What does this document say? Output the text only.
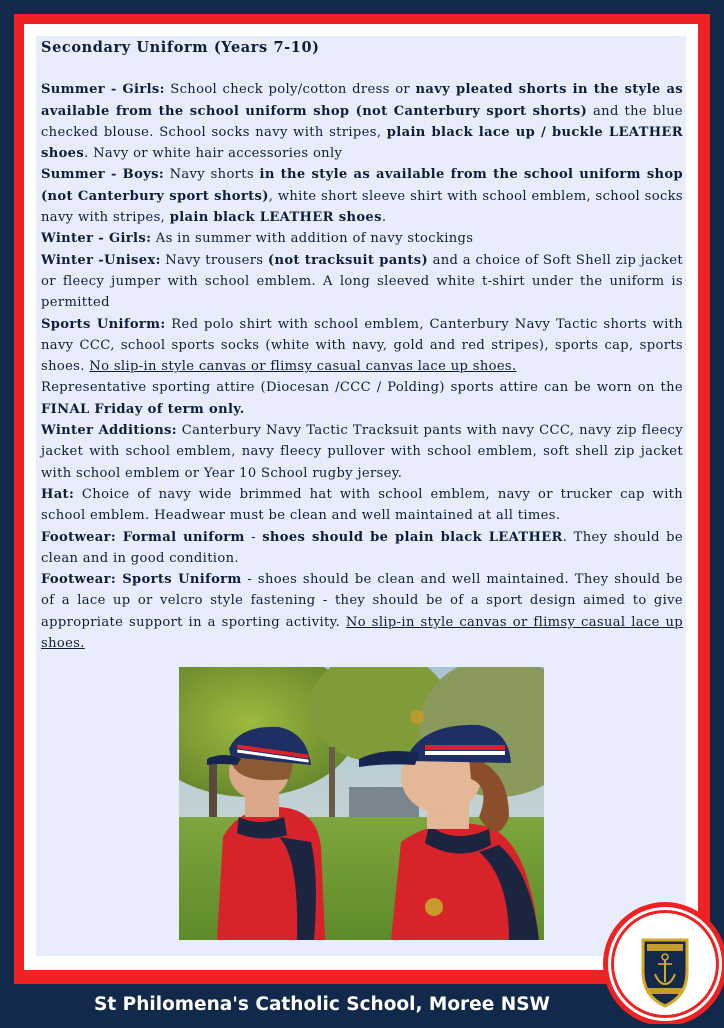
Secondary Uniform (Years 7-10)

Summer - Girls: School check poly/cotton dress or navy pleated shorts in the style as available from the school uniform shop (not Canterbury sport shorts) and the blue checked blouse. School socks navy with stripes, plain black lace up / buckle LEATHER shoes. Navy or white hair accessories only

Summer - Boys: Navy shorts in the style as available from the school uniform shop (not Canterbury sport shorts), white short sleeve shirt with school emblem, school socks navy with stripes, plain black LEATHER shoes.

Winter - Girls: As in summer with addition of navy stockings

Winter -Unisex: Navy trousers (not tracksuit pants) and a choice of Soft Shell zip jacket or fleecy jumper with school emblem. A long sleeved white t-shirt under the uniform is permitted

Sports Uniform: Red polo shirt with school emblem, Canterbury Navy Tactic shorts with navy CCC, school sports socks (white with navy, gold and red stripes), sports cap, sports shoes. No slip-in style canvas or flimsy casual canvas lace up shoes.

Representative sporting attire (Diocesan /CCC / Polding) sports attire can be worn on the FINAL Friday of term only.

Winter Additions: Canterbury Navy Tactic Tracksuit pants with navy CCC, navy zip fleecy jacket with school emblem, navy fleecy pullover with school emblem, soft shell zip jacket with school emblem or Year 10 School rugby jersey.

Hat: Choice of navy wide brimmed hat with school emblem, navy or trucker cap with school emblem. Headwear must be clean and well maintained at all times.

Footwear: Formal uniform - shoes should be plain black LEATHER. They should be clean and in good condition.

Footwear: Sports Uniform - shoes should be clean and well maintained. They should be of a lace up or velcro style fastening - they should be of a sport design aimed to give appropriate support in a sporting activity. No slip-in style canvas or flimsy casual lace up shoes.

St Philomena's Catholic School, Moree NSW
